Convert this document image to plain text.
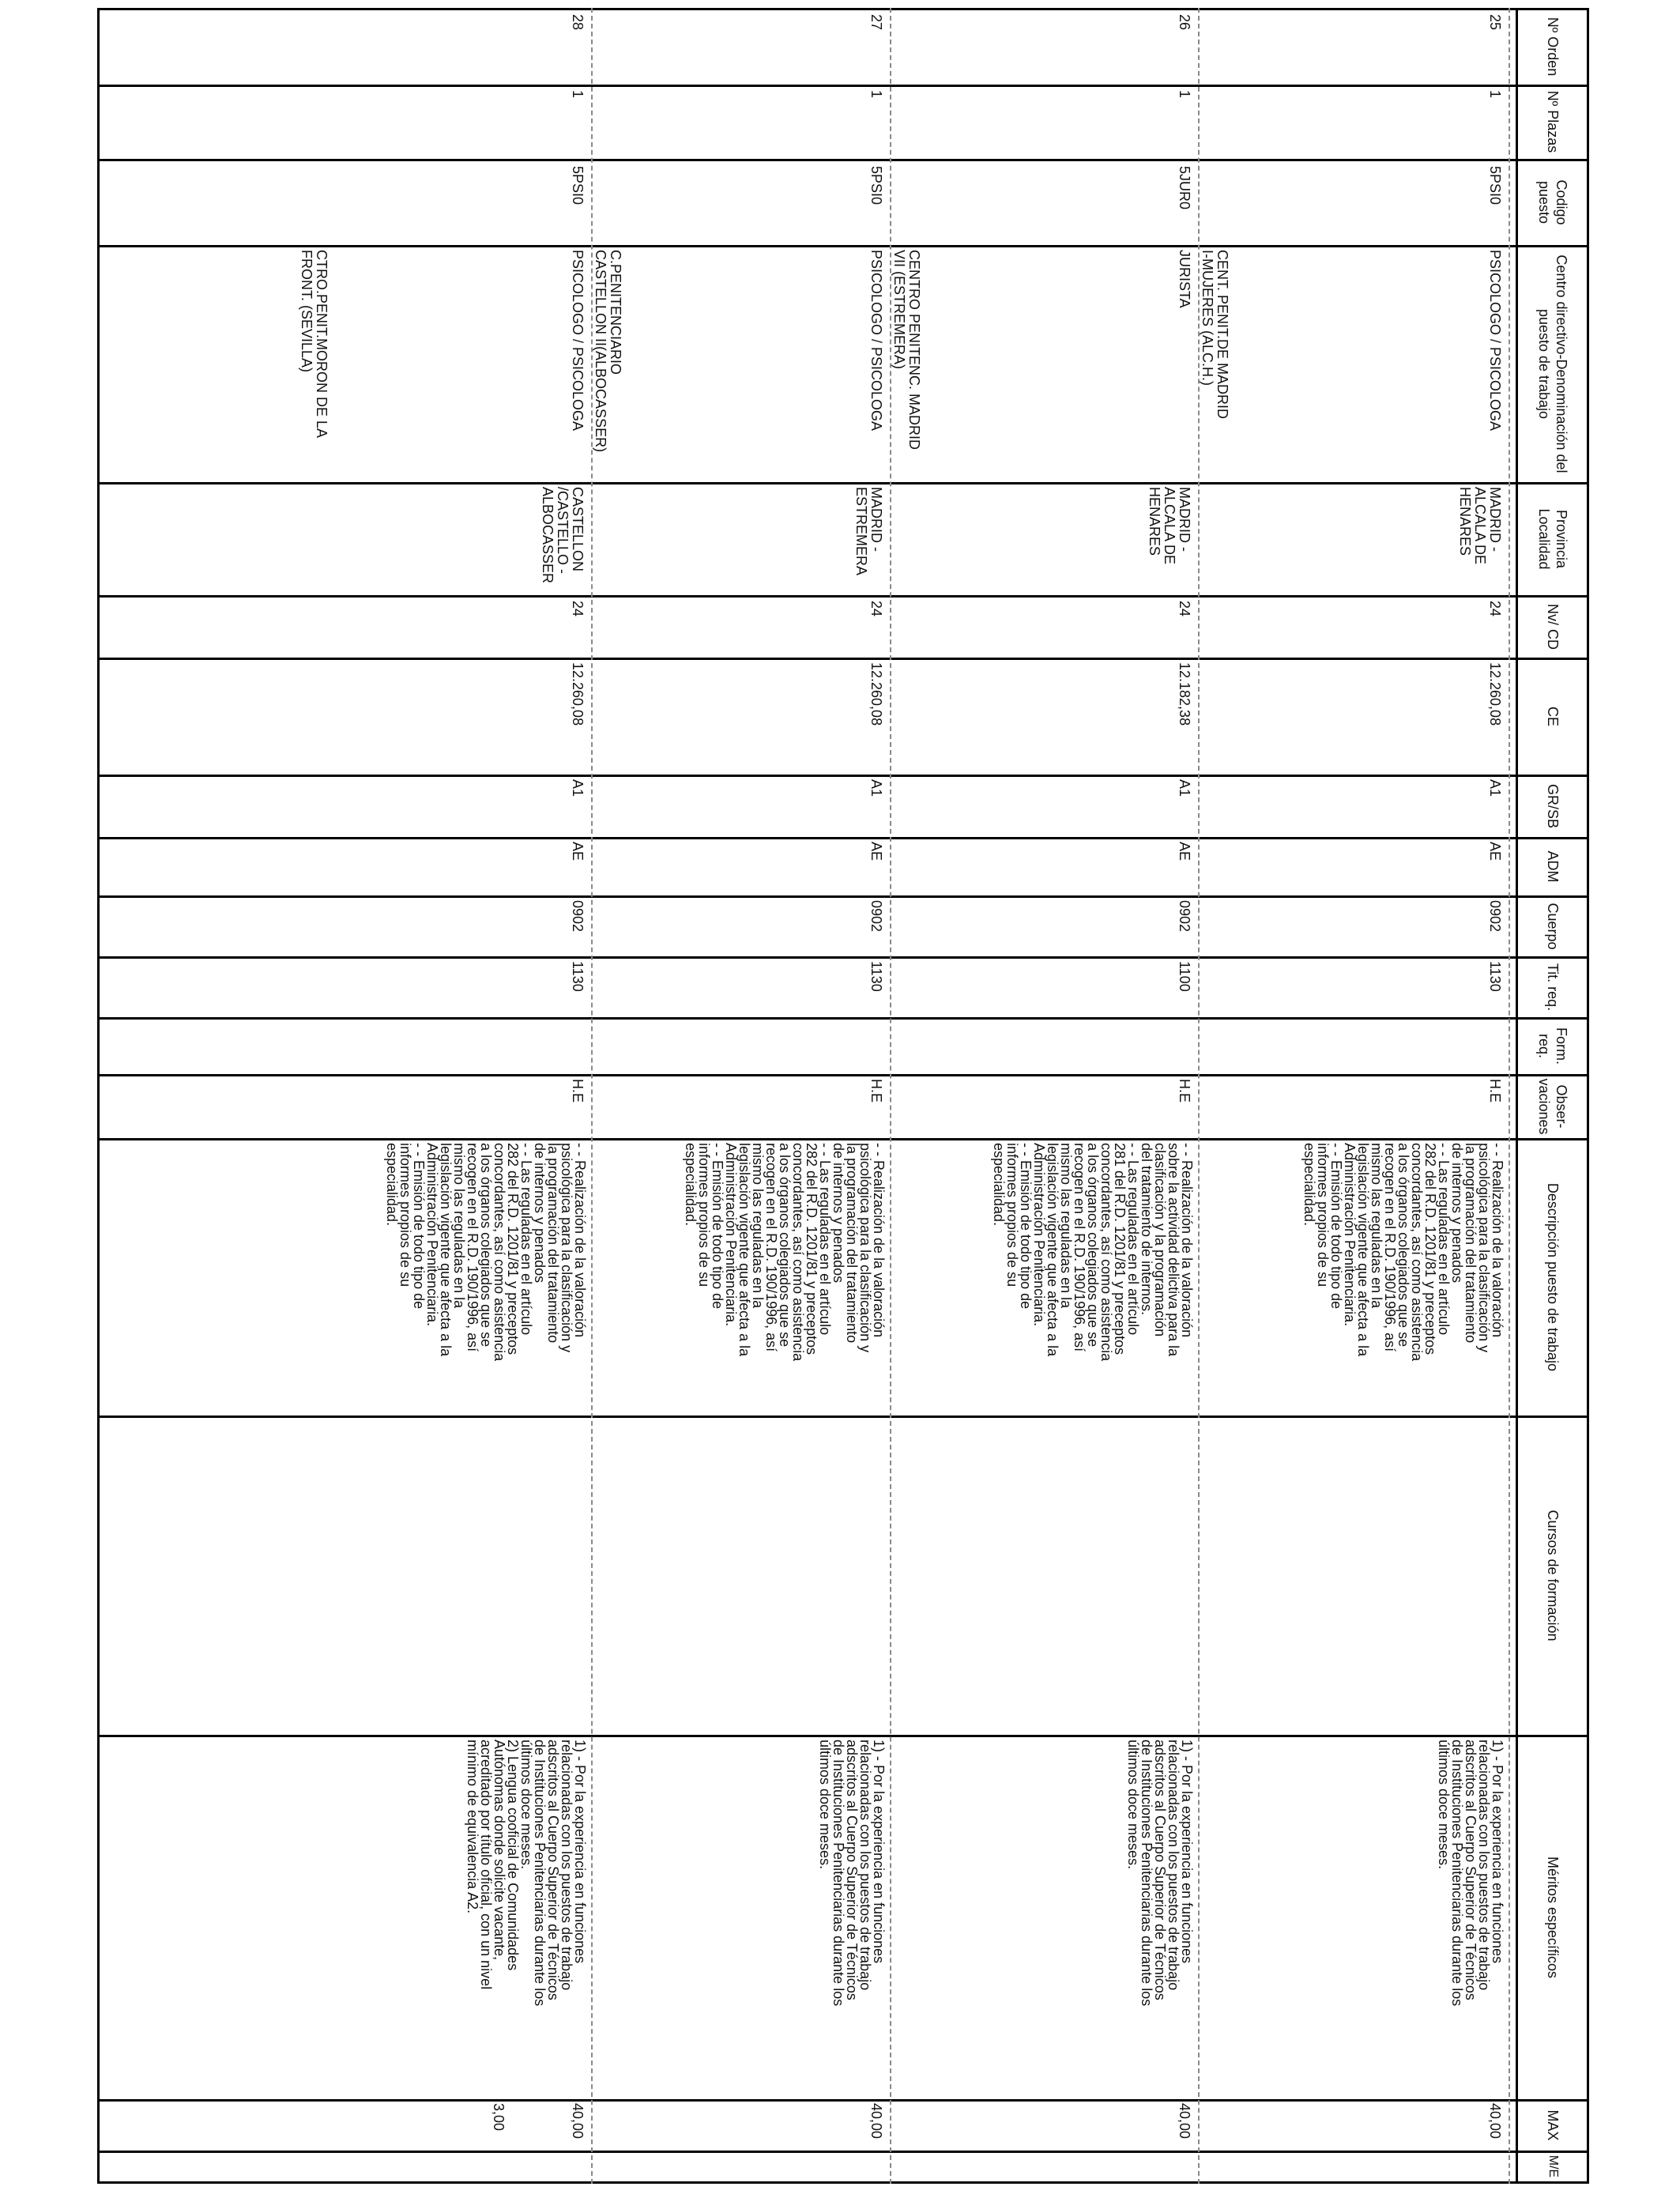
Nº Orden
Nº Plazas
Codigo puesto
Centro directivo-Denominación del puesto de trabajo
Provincia Localidad
Nv/ CD
CE
GR/SB
ADM
Cuerpo
Tit. req.
Form. req.
Obser- vaciones
Descripción puesto de trabajo
Cursos de formación
Méritos específicos
MAX
M/E
25
1
5PSI0
PSICOLOGO / PSICOLOGA
MADRID -
ALCALA DE
HENARES
24
12.260,08
A1
AE
0902
1130
H.E
- - Realización de la valoración
psicológica para la clasificación y
la programación del tratamiento
de internos y penados
- - Las reguladas en el artículo
282 del R.D. 1201/81 y preceptos
concordantes, así como asistencia
a los órganos colegiados que se
recogen en el R.D. 190/1996, así
mismo las reguladas en la
legislación vigente que afecta a la
Administración Penitenciaria.
- - Emisión de todo tipo de
informes propios de su
especialidad.
1) - Por la experiencia en funciones
relacionadas con los puestos de trabajo
adscritos al Cuerpo Superior de Técnicos
de Instituciones Penitenciarias durante los
últimos doce meses.
40,00
CENT. PENIT.DE MADRID
I-MUJERES (ALC.H.)
26
1
5JUR0
JURISTA
MADRID -
ALCALA DE
HENARES
24
12.182,38
A1
AE
0902
1100
H.E
- - Realización de la valoración
sobre la actividad delictiva para la
clasificación y la programación
del tratamiento de internos.
- - Las reguladas en el artículo
281 del R.D. 1201/81 y preceptos
concordantes, así como asistencia
a los órganos colegiados que se
recogen en el R.D. 190/1996, así
mismo las reguladas en la
legislación vigente que afecta a la
Administración Penitenciaria.
- - Emisión de todo tipo de
informes propios de su
especialidad.
1) - Por la experiencia en funciones
relacionadas con los puestos de trabajo
adscritos al Cuerpo Superior de Técnicos
de Instituciones Penitenciarias durante los
últimos doce meses.
40,00
CENTRO PENITENC. MADRID
VII (ESTREMERA)
27
1
5PSI0
PSICOLOGO / PSICOLOGA
MADRID -
ESTREMERA
24
12.260,08
A1
AE
0902
1130
H.E
- - Realización de la valoración
psicológica para la clasificación y
la programación del tratamiento
de internos y penados
- - Las reguladas en el artículo
282 del R.D. 1201/81 y preceptos
concordantes, así como asistencia
a los órganos colegiados que se
recogen en el R.D. 190/1996, así
mismo las reguladas en la
legislación vigente que afecta a la
Administración Penitenciaria.
- - Emisión de todo tipo de
informes propios de su
especialidad.
1) - Por la experiencia en funciones
relacionadas con los puestos de trabajo
adscritos al Cuerpo Superior de Técnicos
de Instituciones Penitenciarias durante los
últimos doce meses.
40,00
C.PENITENCIARIO
CASTELLON II(ALBOCASSER)
28
1
5PSI0
PSICOLOGO / PSICOLOGA
CASTELLON
/CASTELLO -
ALBOCASSER
24
12.260,08
A1
AE
0902
1130
H.E
- - Realización de la valoración
psicológica para la clasificación y
la programación del tratamiento
de internos y penados
- - Las reguladas en el artículo
282 del R.D. 1201/81 y preceptos
concordantes, así como asistencia
a los órganos colegiados que se
recogen en el R.D. 190/1996, así
mismo las reguladas en la
legislación vigente que afecta a la
Administración Penitenciaria.
- - Emisión de todo tipo de
informes propios de su
especialidad.
1) - Por la experiencia en funciones
relacionadas con los puestos de trabajo
adscritos al Cuerpo Superior de Técnicos
de Instituciones Penitenciarias durante los
últimos doce meses.
2) Lengua cooficial de Comunidades
Autónomas donde solicite vacante,
acreditado por título oficial, con un nivel
mínimo de equivalencia A2.
40,00
3,00
CTRO.PENIT.MORON DE LA
FRONT. (SEVILLA)
